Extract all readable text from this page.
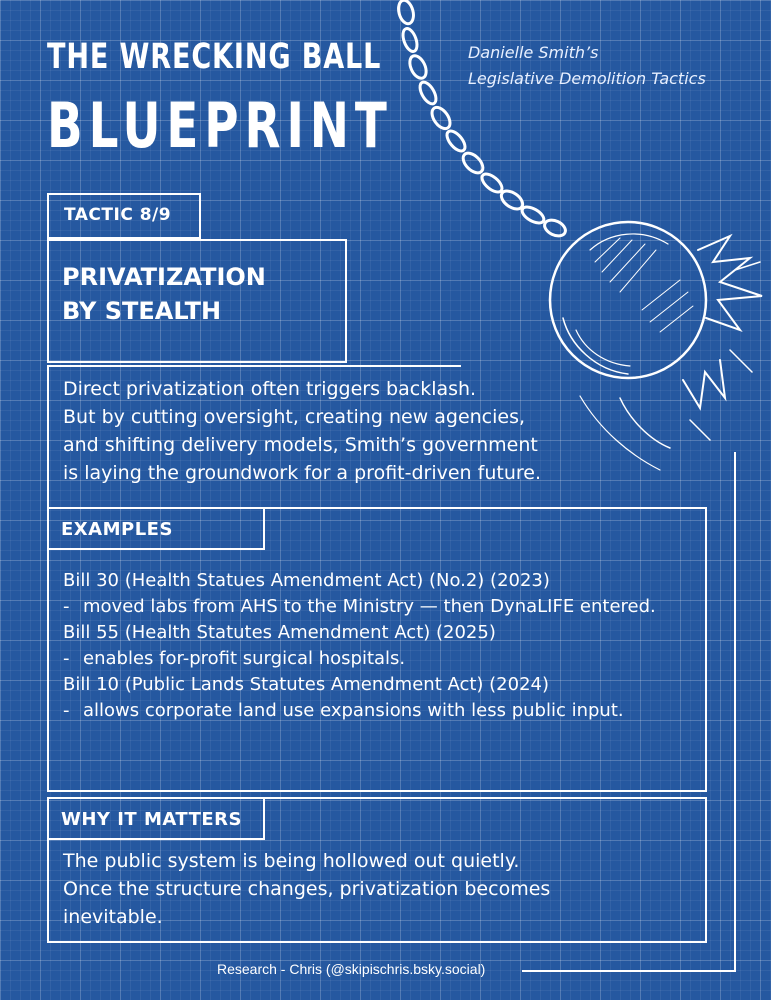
THE WRECKING BALL
BLUEPRINT
Danielle Smith’s
Legislative Demolition Tactics
TACTIC 8/9
PRIVATIZATION
BY STEALTH
Direct privatization often triggers backlash.
But by cutting oversight, creating new agencies,
and shifting delivery models, Smith’s government
is laying the groundwork for a profit-driven future.
EXAMPLES
Bill 30 (Health Statues Amendment Act) (No.2) (2023)
- moved labs from AHS to the Ministry — then DynaLIFE entered.
Bill 55 (Health Statutes Amendment Act) (2025)
- enables for-profit surgical hospitals.
Bill 10 (Public Lands Statutes Amendment Act) (2024)
- allows corporate land use expansions with less public input.
WHY IT MATTERS
The public system is being hollowed out quietly.
Once the structure changes, privatization becomes
inevitable.
Research - Chris (@skipischris.bsky.social)
